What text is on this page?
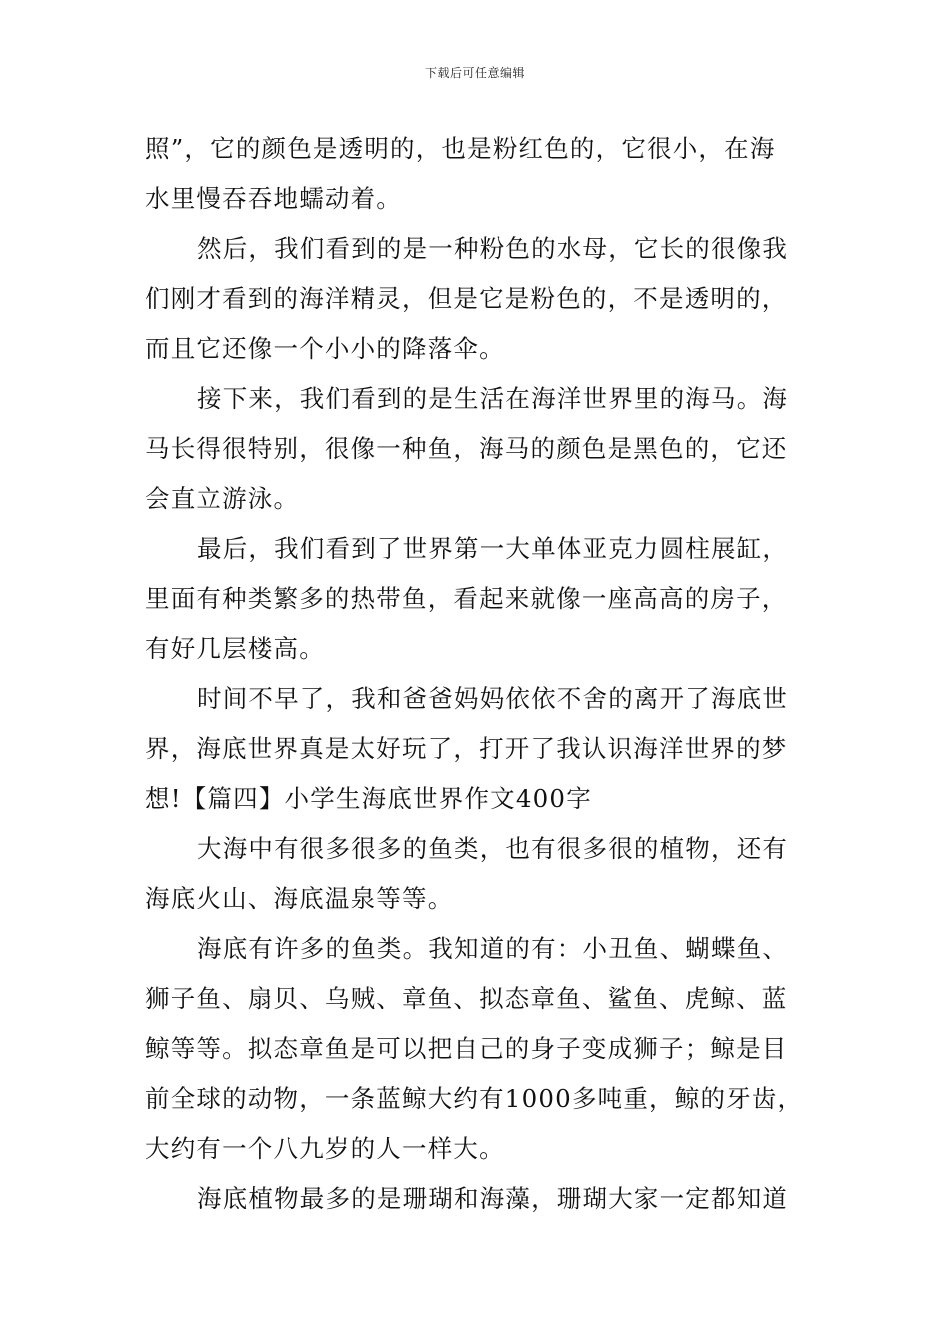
下载后可任意编辑
照”，它的颜色是透明的，也是粉红色的，它很小，在海
水里慢吞吞地蠕动着。
然后，我们看到的是一种粉色的水母，它长的很像我
们刚才看到的海洋精灵，但是它是粉色的，不是透明的，
而且它还像一个小小的降落伞。
接下来，我们看到的是生活在海洋世界里的海马。海
马长得很特别，很像一种鱼，海马的颜色是黑色的，它还
会直立游泳。
最后，我们看到了世界第一大单体亚克力圆柱展缸，
里面有种类繁多的热带鱼，看起来就像一座高高的房子，
有好几层楼高。
时间不早了，我和爸爸妈妈依依不舍的离开了海底世
界，海底世界真是太好玩了，打开了我认识海洋世界的梦
想!【篇四】小学生海底世界作文400字
大海中有很多很多的鱼类，也有很多很的植物，还有
海底火山、海底温泉等等。
海底有许多的鱼类。我知道的有：小丑鱼、蝴蝶鱼、
狮子鱼、扇贝、乌贼、章鱼、拟态章鱼、鲨鱼、虎鲸、蓝
鲸等等。拟态章鱼是可以把自己的身子变成狮子；鲸是目
前全球的动物，一条蓝鲸大约有1000多吨重，鲸的牙齿，
大约有一个八九岁的人一样大。
海底植物最多的是珊瑚和海藻，珊瑚大家一定都知道
